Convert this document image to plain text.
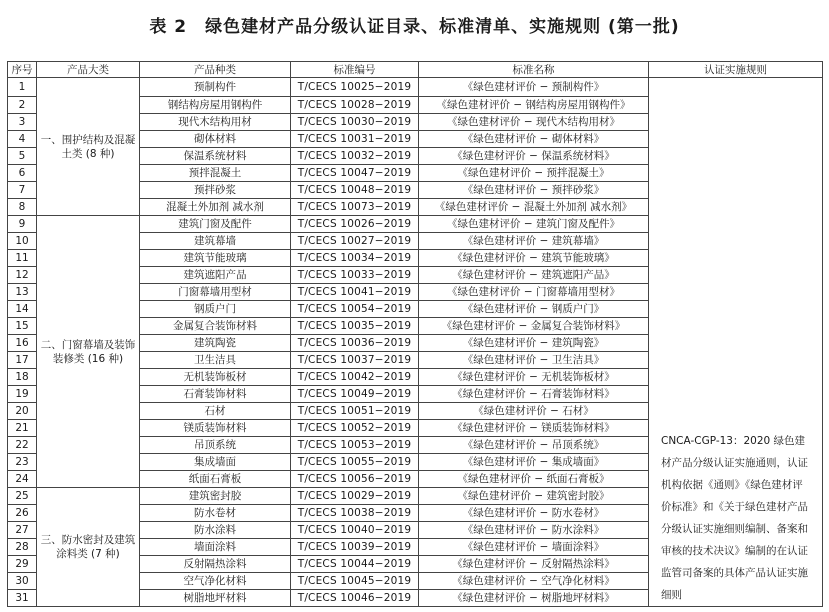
表 2　绿色建材产品分级认证目录、标准清单、实施规则 (第一批)
序号	产品大类	产品种类	标准编号	标准名称	认证实施规则
1	一、围护结构及混凝土类 (8 种)	预制构件	T/CECS 10025−2019	《绿色建材评价 − 预制构件》	CNCA-CGP-13：2020 绿色建材产品分级认证实施通则，认证机构依据《通则》《绿色建材评价标准》和《关于绿色建材产品分级认证实施细则编制、备案和审核的技术决议》编制的在认证监管司备案的具体产品认证实施细则
2		钢结构房屋用钢构件	T/CECS 10028−2019	《绿色建材评价 − 钢结构房屋用钢构件》	
3		现代木结构用材	T/CECS 10030−2019	《绿色建材评价 − 现代木结构用材》	
4		砌体材料	T/CECS 10031−2019	《绿色建材评价 − 砌体材料》	
5		保温系统材料	T/CECS 10032−2019	《绿色建材评价 − 保温系统材料》	
6		预拌混凝土	T/CECS 10047−2019	《绿色建材评价 − 预拌混凝土》	
7		预拌砂浆	T/CECS 10048−2019	《绿色建材评价 − 预拌砂浆》	
8		混凝土外加剂 减水剂	T/CECS 10073−2019	《绿色建材评价 − 混凝土外加剂 减水剂》	
9	二、门窗幕墙及装饰装修类 (16 种)	建筑门窗及配件	T/CECS 10026−2019	《绿色建材评价 − 建筑门窗及配件》	
10		建筑幕墙	T/CECS 10027−2019	《绿色建材评价 − 建筑幕墙》	
11		建筑节能玻璃	T/CECS 10034−2019	《绿色建材评价 − 建筑节能玻璃》	
12		建筑遮阳产品	T/CECS 10033−2019	《绿色建材评价 − 建筑遮阳产品》	
13		门窗幕墙用型材	T/CECS 10041−2019	《绿色建材评价 − 门窗幕墙用型材》	
14		钢质户门	T/CECS 10054−2019	《绿色建材评价 − 钢质户门》	
15		金属复合装饰材料	T/CECS 10035−2019	《绿色建材评价 − 金属复合装饰材料》	
16		建筑陶瓷	T/CECS 10036−2019	《绿色建材评价 − 建筑陶瓷》	
17		卫生洁具	T/CECS 10037−2019	《绿色建材评价 − 卫生洁具》	
18		无机装饰板材	T/CECS 10042−2019	《绿色建材评价 − 无机装饰板材》	
19		石膏装饰材料	T/CECS 10049−2019	《绿色建材评价 − 石膏装饰材料》	
20		石材	T/CECS 10051−2019	《绿色建材评价 − 石材》	
21		镁质装饰材料	T/CECS 10052−2019	《绿色建材评价 − 镁质装饰材料》	
22		吊顶系统	T/CECS 10053−2019	《绿色建材评价 − 吊顶系统》	
23		集成墙面	T/CECS 10055−2019	《绿色建材评价 − 集成墙面》	
24		纸面石膏板	T/CECS 10056−2019	《绿色建材评价 − 纸面石膏板》	
25	三、防水密封及建筑涂料类 (7 种)	建筑密封胶	T/CECS 10029−2019	《绿色建材评价 − 建筑密封胶》	
26		防水卷材	T/CECS 10038−2019	《绿色建材评价 − 防水卷材》	
27		防水涂料	T/CECS 10040−2019	《绿色建材评价 − 防水涂料》	
28		墙面涂料	T/CECS 10039−2019	《绿色建材评价 − 墙面涂料》	
29		反射隔热涂料	T/CECS 10044−2019	《绿色建材评价 − 反射隔热涂料》	
30		空气净化材料	T/CECS 10045−2019	《绿色建材评价 − 空气净化材料》	
31		树脂地坪材料	T/CECS 10046−2019	《绿色建材评价 − 树脂地坪材料》	
